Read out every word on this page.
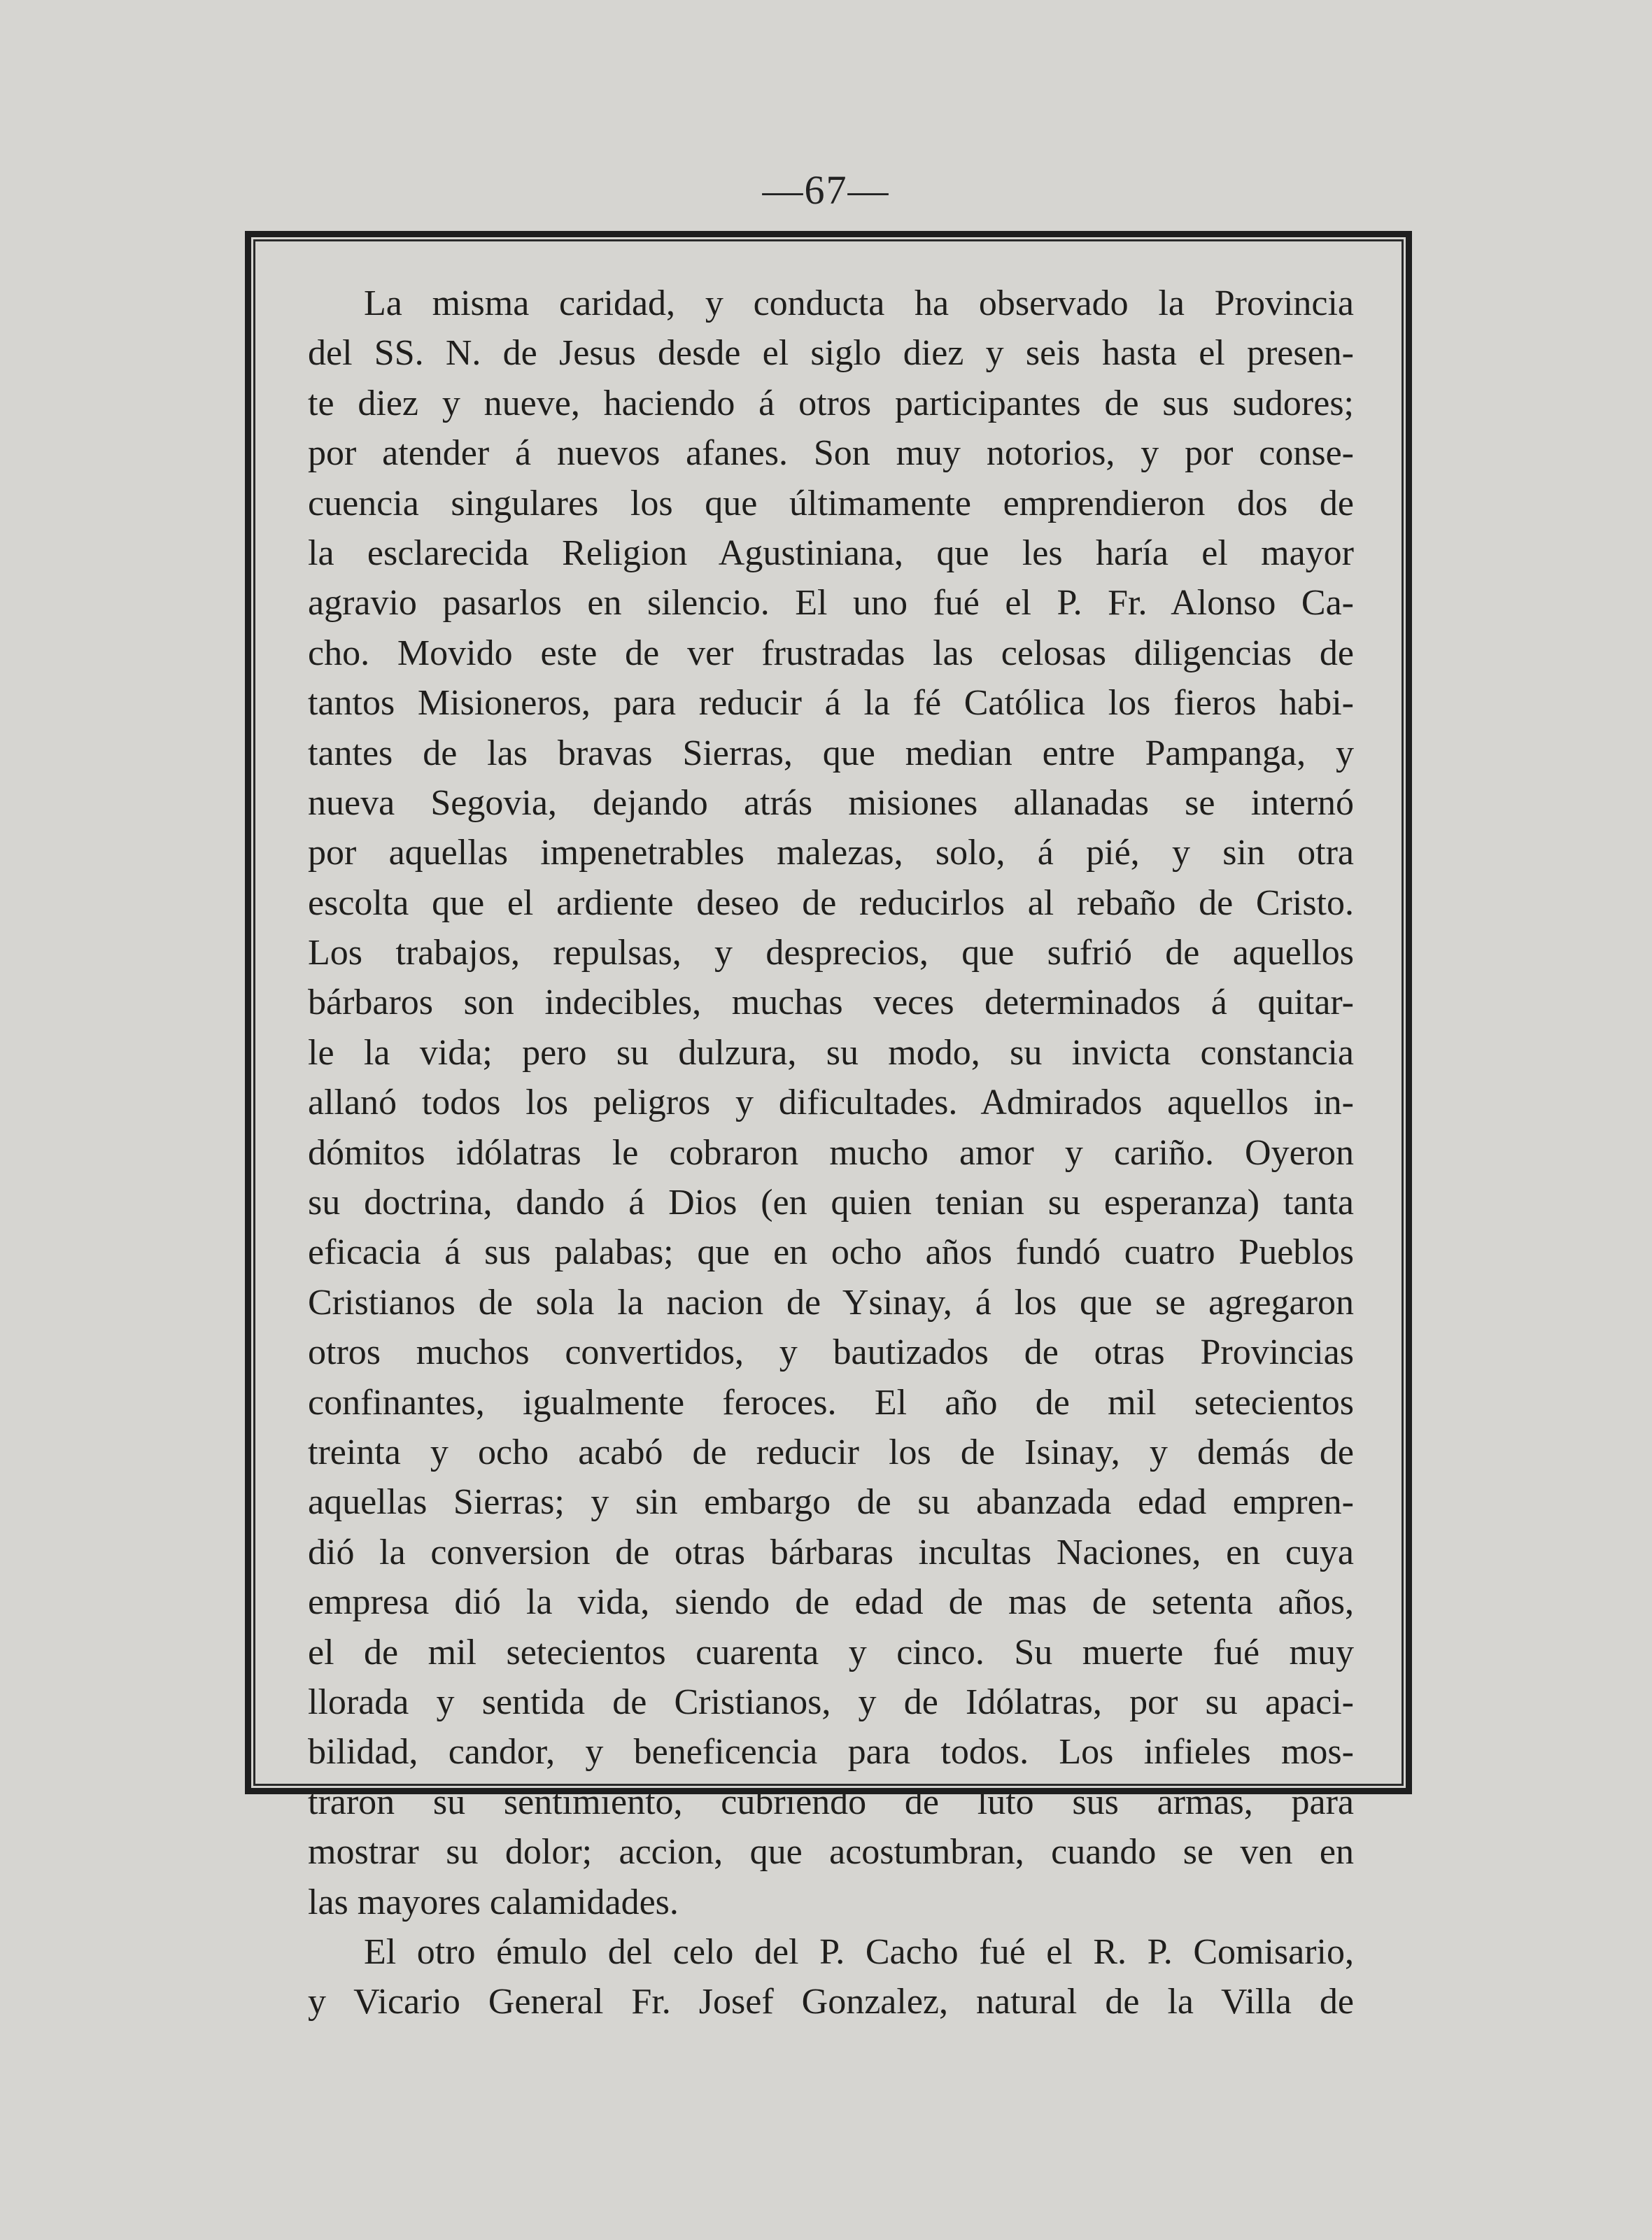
—67—
La misma caridad, y conducta ha observado la Provincia
del SS. N. de Jesus desde el siglo diez y seis hasta el presen-
te diez y nueve, haciendo á otros participantes de sus sudores;
por atender á nuevos afanes. Son muy notorios, y por conse-
cuencia singulares los que últimamente emprendieron dos de
la esclarecida Religion Agustiniana, que les haría el mayor
agravio pasarlos en silencio. El uno fué el P. Fr. Alonso Ca-
cho. Movido este de ver frustradas las celosas diligencias de
tantos Misioneros, para reducir á la fé Católica los fieros habi-
tantes de las bravas Sierras, que median entre Pampanga, y
nueva Segovia, dejando atrás misiones allanadas se internó
por aquellas impenetrables malezas, solo, á pié, y sin otra
escolta que el ardiente deseo de reducirlos al rebaño de Cristo.
Los trabajos, repulsas, y desprecios, que sufrió de aquellos
bárbaros son indecibles, muchas veces determinados á quitar-
le la vida; pero su dulzura, su modo, su invicta constancia
allanó todos los peligros y dificultades. Admirados aquellos in-
dómitos idólatras le cobraron mucho amor y cariño. Oyeron
su doctrina, dando á Dios (en quien tenian su esperanza) tanta
eficacia á sus palabas; que en ocho años fundó cuatro Pueblos
Cristianos de sola la nacion de Ysinay, á los que se agregaron
otros muchos convertidos, y bautizados de otras Provincias
confinantes, igualmente feroces. El año de mil setecientos
treinta y ocho acabó de reducir los de Isinay, y demás de
aquellas Sierras; y sin embargo de su abanzada edad empren-
dió la conversion de otras bárbaras incultas Naciones, en cuya
empresa dió la vida, siendo de edad de mas de setenta años,
el de mil setecientos cuarenta y cinco. Su muerte fué muy
llorada y sentida de Cristianos, y de Idólatras, por su apaci-
bilidad, candor, y beneficencia para todos. Los infieles mos-
traron su sentimiento, cubriendo de luto sus armas, para
mostrar su dolor; accion, que acostumbran, cuando se ven en
las mayores calamidades.
El otro émulo del celo del P. Cacho fué el R. P. Comisario,
y Vicario General Fr. Josef Gonzalez, natural de la Villa de
